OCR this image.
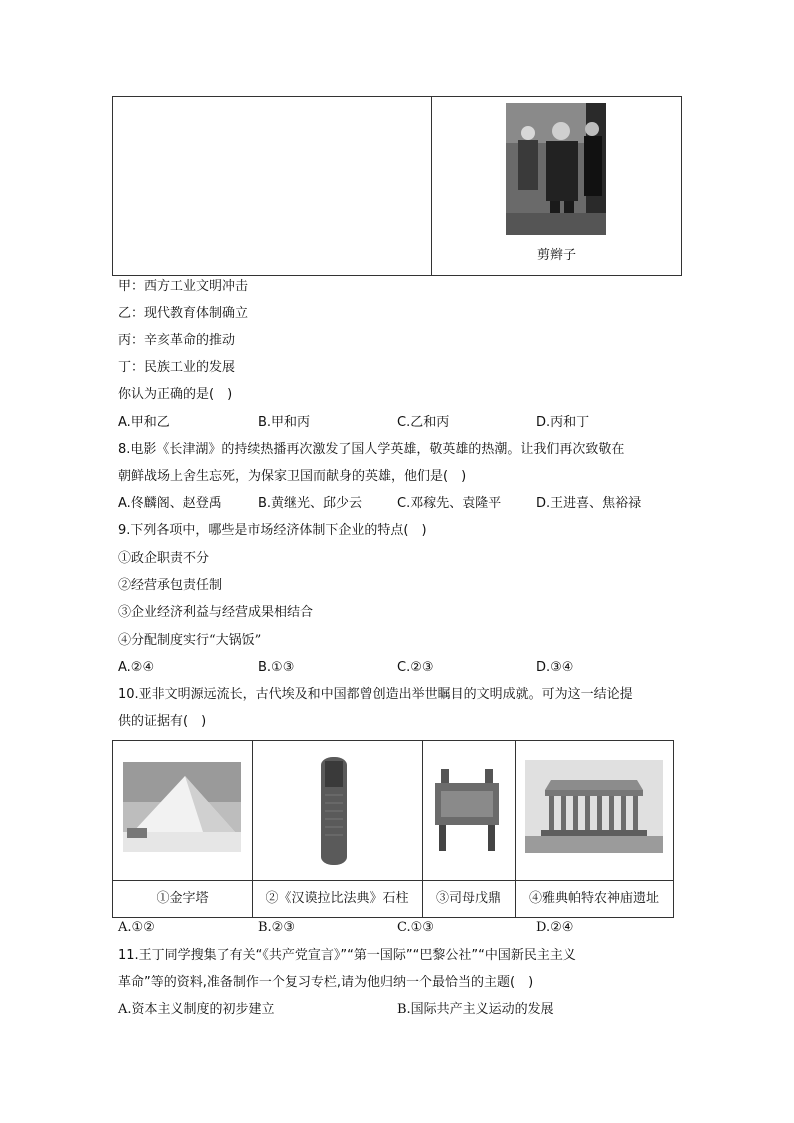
剪辫子
甲：西方工业文明冲击
乙：现代教育体制确立
丙：辛亥革命的推动
丁：民族工业的发展
你认为正确的是(　)
A.甲和乙	B.甲和丙	C.乙和丙	D.丙和丁
8.电影《长津湖》的持续热播再次激发了国人学英雄，敬英雄的热潮。让我们再次致敬在
朝鲜战场上舍生忘死，为保家卫国而献身的英雄，他们是(　)
A.佟麟阁、赵登禹	B.黄继光、邱少云	C.邓稼先、袁隆平	D.王进喜、焦裕禄
9.下列各项中，哪些是市场经济体制下企业的特点(　)
①政企职责不分
②经营承包责任制
③企业经济利益与经营成果相结合
④分配制度实行“大锅饭”
A.②④	B.①③	C.②③	D.③④
10.亚非文明源远流长，古代埃及和中国都曾创造出举世瞩目的文明成就。可为这一结论提
供的证据有(　)
①金字塔	②《汉谟拉比法典》石柱	③司母戊鼎	④雅典帕特农神庙遗址
A.①②	B.②③	C.①③	D.②④
11.王丁同学搜集了有关“《共产党宣言》”“第一国际”“巴黎公社”“中国新民主主义
革命”等的资料,准备制作一个复习专栏,请为他归纳一个最恰当的主题(　)
A.资本主义制度的初步建立	B.国际共产主义运动的发展
